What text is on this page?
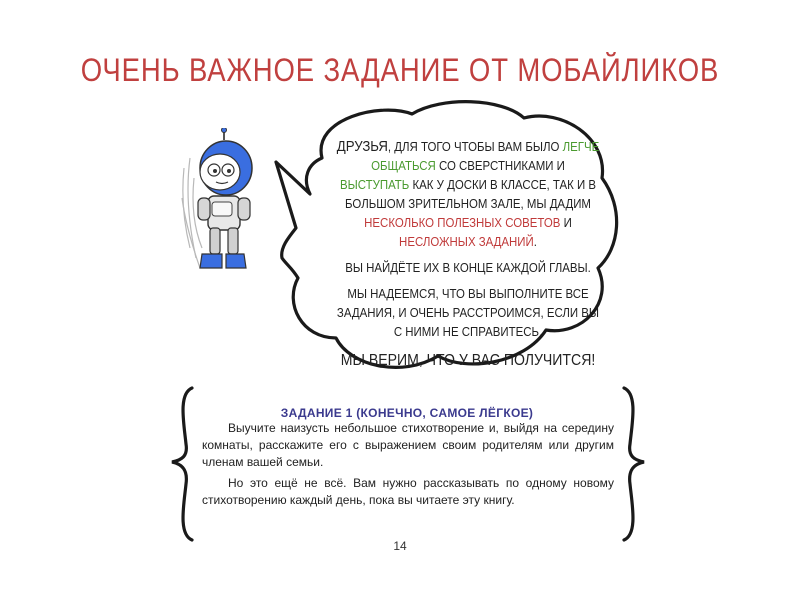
ОЧЕНЬ ВАЖНОЕ ЗАДАНИЕ ОТ МОБАЙЛИКОВ

ДРУЗЬЯ, ДЛЯ ТОГО ЧТОБЫ ВАМ БЫЛО ЛЕГЧЕ ОБЩАТЬСЯ СО СВЕРСТНИКАМИ И ВЫСТУПАТЬ КАК У ДОСКИ В КЛАССЕ, ТАК И В БОЛЬШОМ ЗРИТЕЛЬНОМ ЗАЛЕ, МЫ ДАДИМ НЕСКОЛЬКО ПОЛЕЗНЫХ СОВЕТОВ И НЕСЛОЖНЫХ ЗАДАНИЙ.

ВЫ НАЙДЁТЕ ИХ В КОНЦЕ КАЖДОЙ ГЛАВЫ.

МЫ НАДЕЕМСЯ, ЧТО ВЫ ВЫПОЛНИТЕ ВСЕ ЗАДАНИЯ, И ОЧЕНЬ РАССТРОИМСЯ, ЕСЛИ ВЫ С НИМИ НЕ СПРАВИТЕСЬ.

МЫ ВЕРИМ, ЧТО У ВАС ПОЛУЧИТСЯ!

ЗАДАНИЕ 1 (КОНЕЧНО, САМОЕ ЛЁГКОЕ)

Выучите наизусть небольшое стихотворение и, выйдя на середину комнаты, расскажите его с выражением своим родителям или другим членам вашей семьи.

Но это ещё не всё. Вам нужно рассказывать по одному новому стихотворению каждый день, пока вы читаете эту книгу.

14
